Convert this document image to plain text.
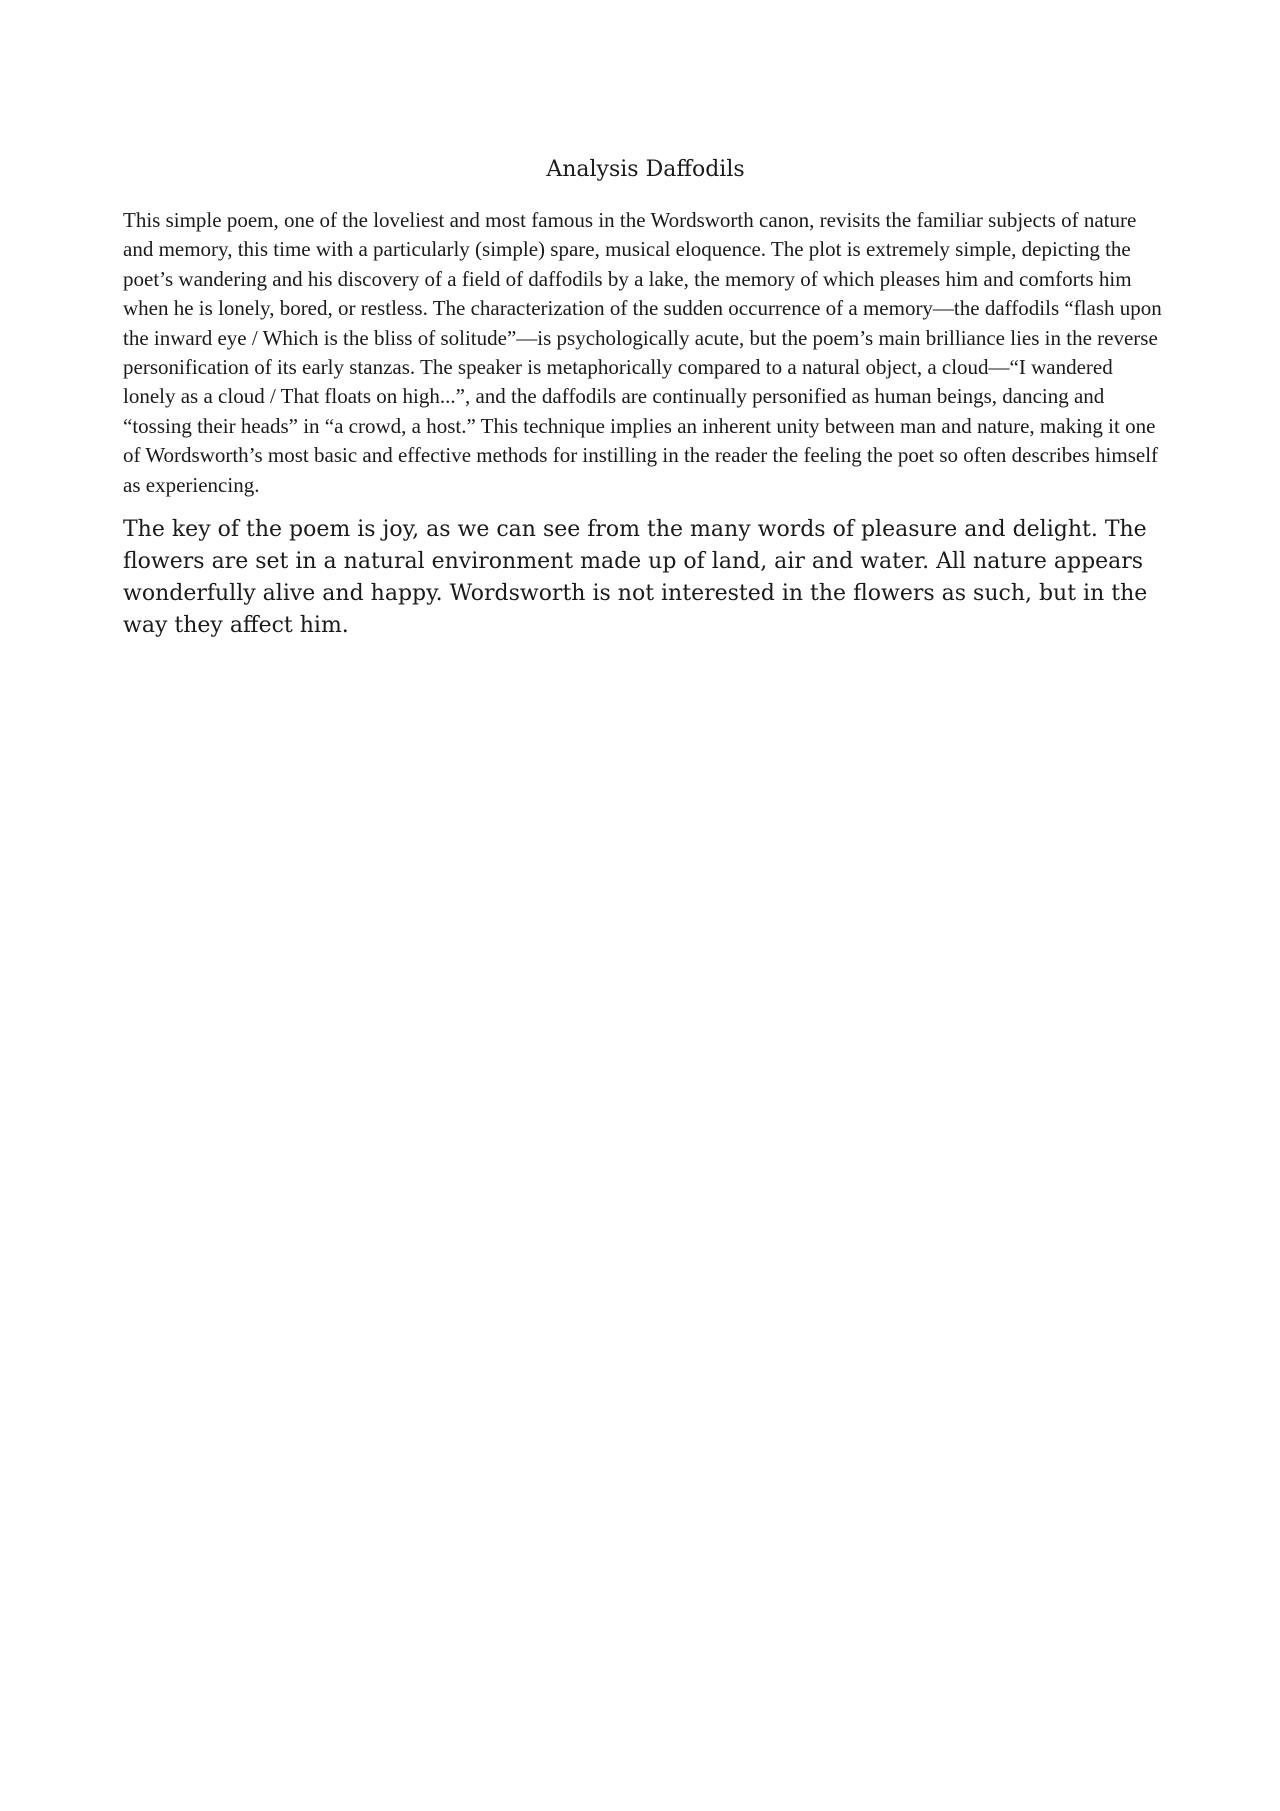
Analysis Daffodils

This simple poem, one of the loveliest and most famous in the Wordsworth canon, revisits the familiar subjects of nature and memory, this time with a particularly (simple) spare, musical eloquence. The plot is extremely simple, depicting the poet’s wandering and his discovery of a field of daffodils by a lake, the memory of which pleases him and comforts him when he is lonely, bored, or restless. The characterization of the sudden occurrence of a memory—the daffodils “flash upon the inward eye / Which is the bliss of solitude”—is psychologically acute, but the poem’s main brilliance lies in the reverse personification of its early stanzas. The speaker is metaphorically compared to a natural object, a cloud—“I wandered lonely as a cloud / That floats on high...”, and the daffodils are continually personified as human beings, dancing and “tossing their heads” in “a crowd, a host.” This technique implies an inherent unity between man and nature, making it one of Wordsworth’s most basic and effective methods for instilling in the reader the feeling the poet so often describes himself as experiencing.

The key of the poem is joy, as we can see from the many words of pleasure and delight. The flowers are set in a natural environment made up of land, air and water. All nature appears wonderfully alive and happy. Wordsworth is not interested in the flowers as such, but in the way they affect him.
